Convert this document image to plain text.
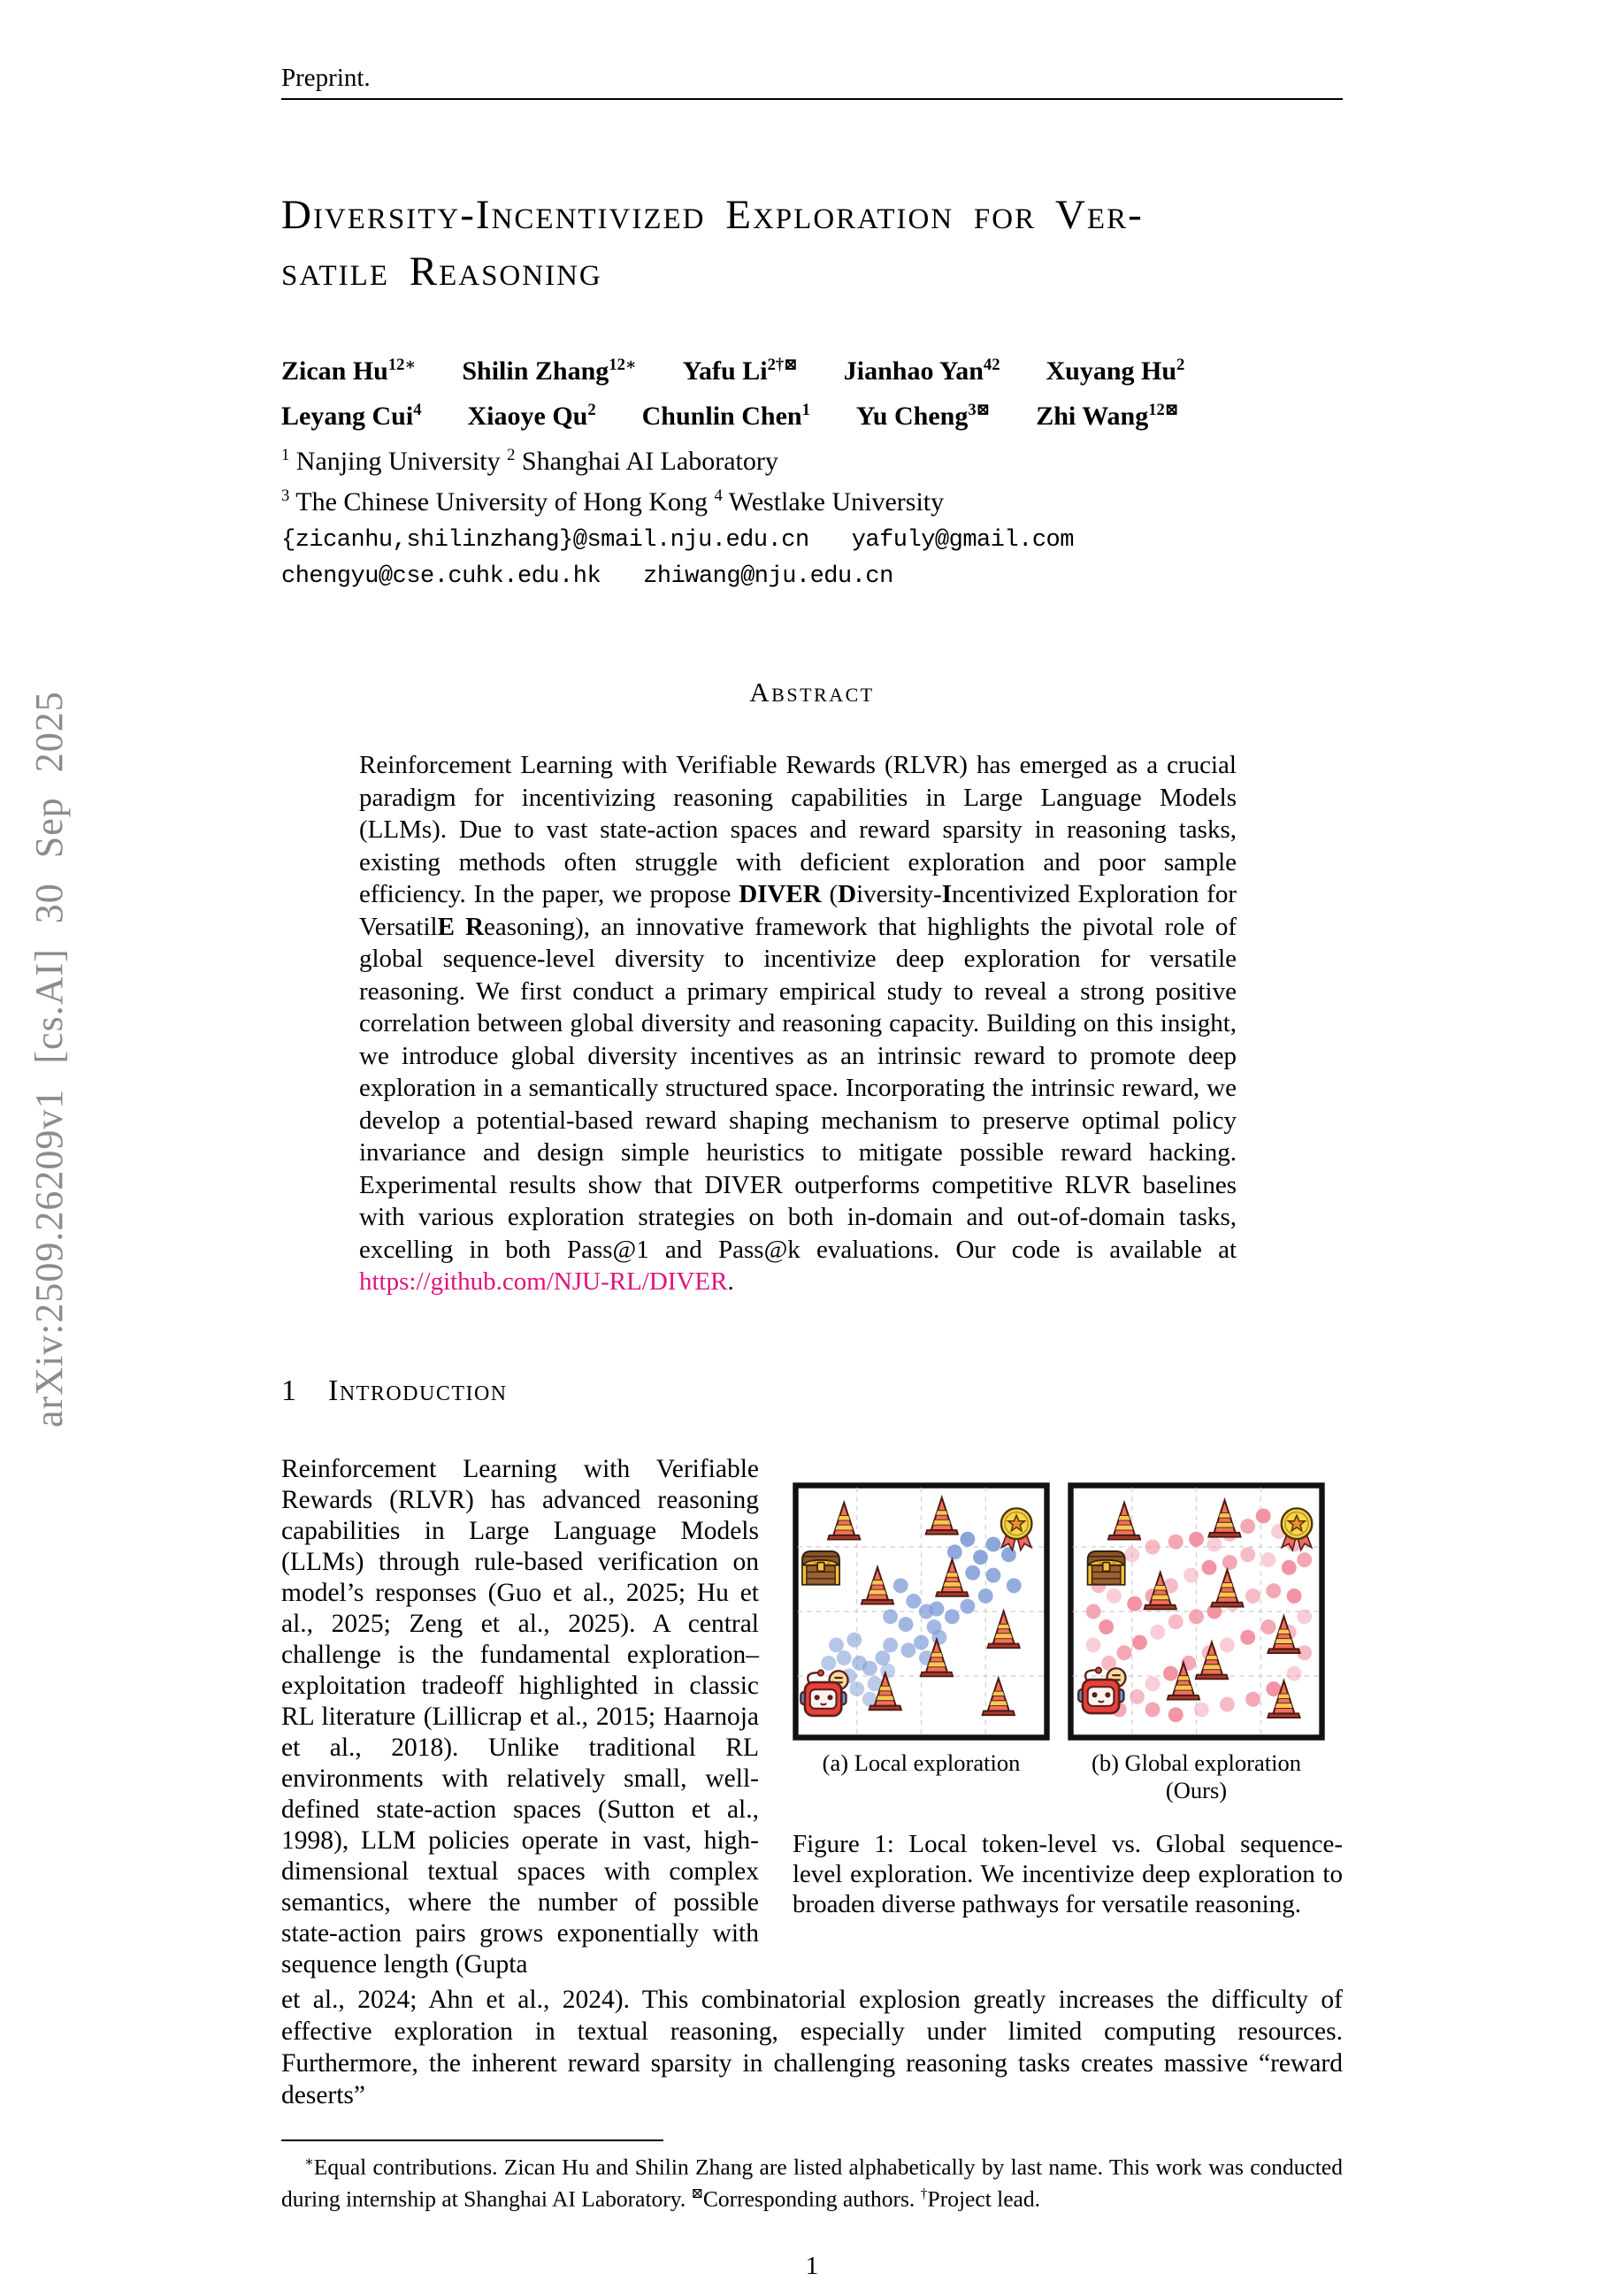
arXiv:2509.26209v1 [cs.AI] 30 Sep 2025
Preprint.
Diversity-Incentivized Exploration for Ver-
satile Reasoning
Zican $Hu^{12∗}$ Shilin Zhang$^{12∗}$ Yafu $Li^{2\dagger⊠}$ Jianhao Yan$^{42}$ Xuyang Hu$^2$
Leyang Cui$^4$ Xiaoye Qu$^2$ Chunlin Chen$^1$ Yu Cheng$^{3⊠}$ Zhi Wang$^{12⊠}$
$^1$ Nanjing University $^2$ Shanghai AI Laboratory
$^3$ The Chinese University of Hong Kong $^4$ Westlake University
{zicanhu,shilinzhang}@smail.nju.edu.cn yafuly@gmail.com
chengyu@cse.cuhk.edu.hk zhiwang@nju.edu.cn
Abstract

Reinforcement Learning with Verifiable Rewards (RLVR) has emerged as a crucial paradigm for incentivizing reasoning capabilities in Large Language Models (LLMs). Due to vast state-action spaces and reward sparsity in reasoning tasks, existing methods often struggle with deficient exploration and poor sample efficiency. In the paper, we propose DIVER (Diversity-Incentivized Exploration for VersatilE Reasoning), an innovative framework that highlights the pivotal role of global sequence-level diversity to incentivize deep exploration for versatile reasoning. We first conduct a primary empirical study to reveal a strong positive correlation between global diversity and reasoning capacity. Building on this insight, we introduce global diversity incentives as an intrinsic reward to promote deep exploration in a semantically structured space. Incorporating the intrinsic reward, we develop a potential-based reward shaping mechanism to preserve optimal policy invariance and design simple heuristics to mitigate possible reward hacking. Experimental results show that DIVER outperforms competitive RLVR baselines with various exploration strategies on both in-domain and out-of-domain tasks, excelling in both Pass@1 and Pass@k evaluations. Our code is available at https://github.com/NJU-RL/DIVER.

1 Introduction

Reinforcement Learning with Verifiable Rewards (RLVR) has advanced reasoning capabilities in Large Language Models (LLMs) through rule-based verification on model’s responses (Guo et al., 2025; Hu et al., 2025; Zeng et al., 2025). A central challenge is the fundamental exploration–exploitation tradeoff highlighted in classic RL literature (Lillicrap et al., 2015; Haarnoja et al., 2018). Unlike traditional RL environments with relatively small, well-defined state-action spaces (Sutton et al., 1998), LLM policies operate in vast, high-dimensional textual spaces with complex semantics, where the number of possible state-action pairs grows exponentially with sequence length (Gupta

(a) Local exploration	(b) Global exploration (Ours)
Figure 1: Local token-level vs. Global sequence-level exploration. We incentivize deep exploration to broaden diverse pathways for versatile reasoning.

et al., 2024; Ahn et al., 2024). This combinatorial explosion greatly increases the difficulty of effective exploration in textual reasoning, especially under limited computing resources. Furthermore, the inherent reward sparsity in challenging reasoning tasks creates massive “reward deserts”

∗Equal contributions. Zican Hu and Shilin Zhang are listed alphabetically by last name. This work was conducted during internship at Shanghai AI Laboratory. ⊠Corresponding authors. †Project lead.

1
